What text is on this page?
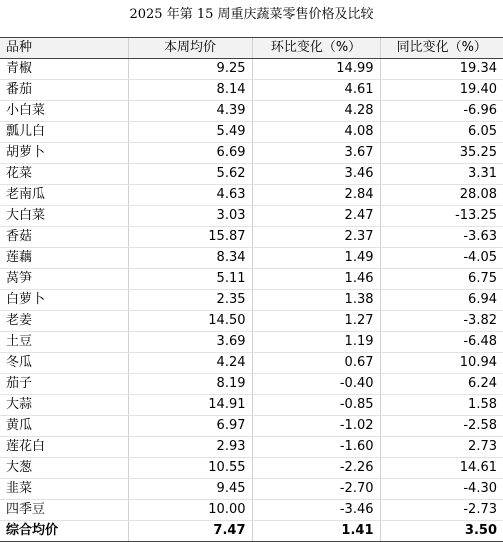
2025 年第 15 周重庆蔬菜零售价格及比较
品种	本周均价	环比变化（%）	同比变化（%）
青椒	9.25	14.99	19.34
番茄	8.14	4.61	19.40
小白菜	4.39	4.28	-6.96
瓢儿白	5.49	4.08	6.05
胡萝卜	6.69	3.67	35.25
花菜	5.62	3.46	3.31
老南瓜	4.63	2.84	28.08
大白菜	3.03	2.47	-13.25
香菇	15.87	2.37	-3.63
莲藕	8.34	1.49	-4.05
莴笋	5.11	1.46	6.75
白萝卜	2.35	1.38	6.94
老姜	14.50	1.27	-3.82
土豆	3.69	1.19	-6.48
冬瓜	4.24	0.67	10.94
茄子	8.19	-0.40	6.24
大蒜	14.91	-0.85	1.58
黄瓜	6.97	-1.02	-2.58
莲花白	2.93	-1.60	2.73
大葱	10.55	-2.26	14.61
韭菜	9.45	-2.70	-4.30
四季豆	10.00	-3.46	-2.73
综合均价	7.47	1.41	3.50
